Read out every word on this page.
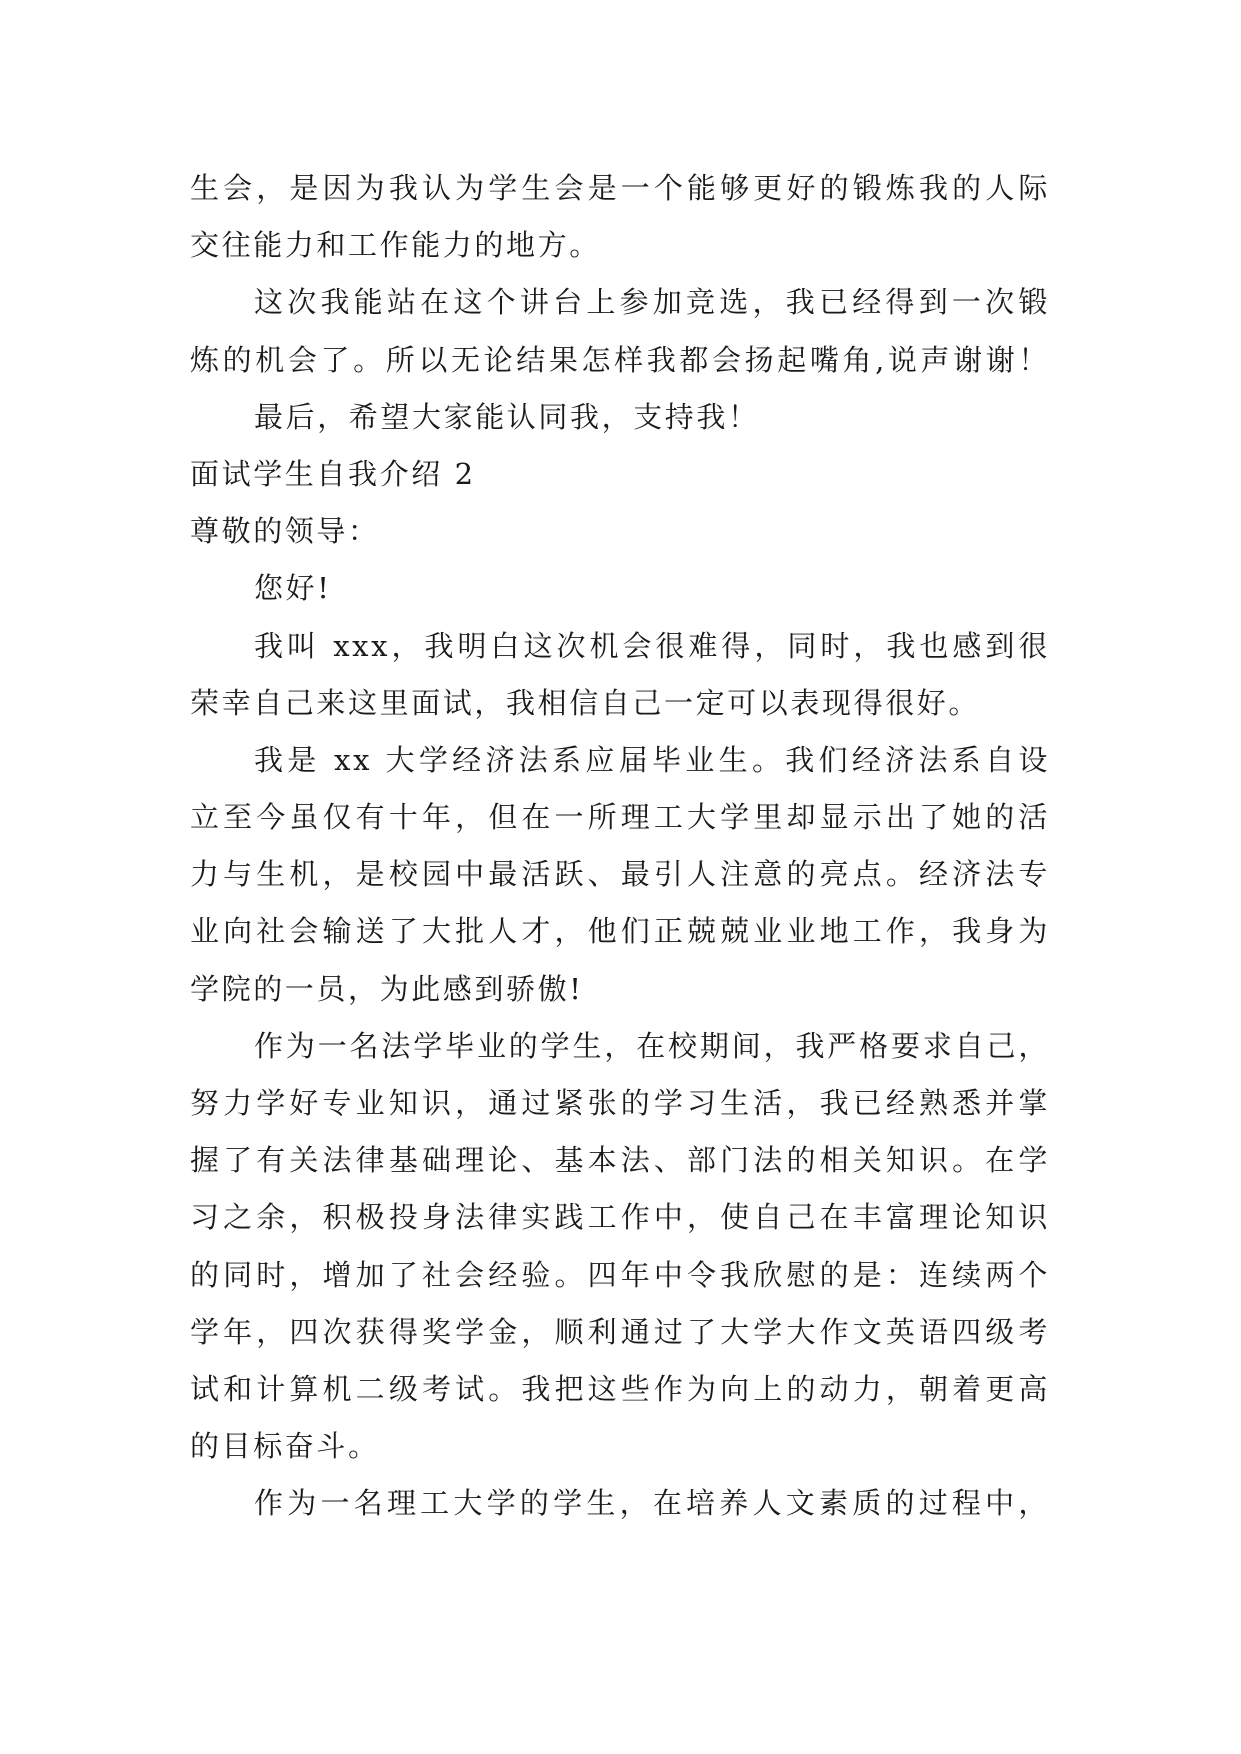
生会，是因为我认为学生会是一个能够更好的锻炼我的人际
交往能力和工作能力的地方。
这次我能站在这个讲台上参加竞选，我已经得到一次锻
炼的机会了。所以无论结果怎样我都会扬起嘴角,说声谢谢！
最后，希望大家能认同我，支持我！
面试学生自我介绍 2
尊敬的领导：
您好!
我叫 xxx，我明白这次机会很难得，同时，我也感到很
荣幸自己来这里面试，我相信自己一定可以表现得很好。
我是 xx 大学经济法系应届毕业生。我们经济法系自设
立至今虽仅有十年，但在一所理工大学里却显示出了她的活
力与生机，是校园中最活跃、最引人注意的亮点。经济法专
业向社会输送了大批人才，他们正兢兢业业地工作，我身为
学院的一员，为此感到骄傲!
作为一名法学毕业的学生，在校期间，我严格要求自己，
努力学好专业知识，通过紧张的学习生活，我已经熟悉并掌
握了有关法律基础理论、基本法、部门法的相关知识。在学
习之余，积极投身法律实践工作中，使自己在丰富理论知识
的同时，增加了社会经验。四年中令我欣慰的是：连续两个
学年，四次获得奖学金，顺利通过了大学大作文英语四级考
试和计算机二级考试。我把这些作为向上的动力，朝着更高
的目标奋斗。
作为一名理工大学的学生，在培养人文素质的过程中，
